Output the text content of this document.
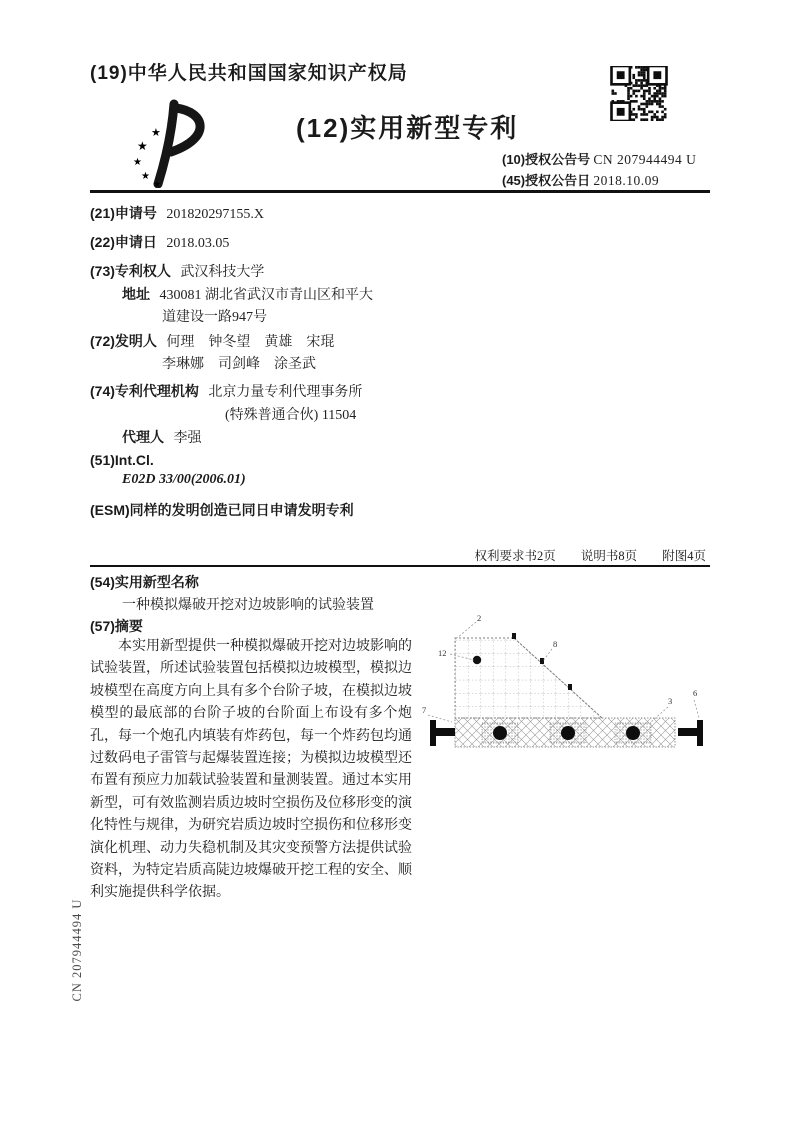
(19)中华人民共和国国家知识产权局
★
★
★
★
★
(12)实用新型专利
(10)授权公告号 CN 207944494 U
(45)授权公告日 2018.10.09
(21)申请号 201820297155.X
(22)申请日 2018.03.05
(73)专利权人 武汉科技大学
地址 430081 湖北省武汉市青山区和平大
道建设一路947号
(72)发明人 何理　钟冬望　黄雄　宋琨
李琳娜　司剑峰　涂圣武
(74)专利代理机构 北京力量专利代理事务所
(特殊普通合伙) 11504
代理人 李强
(51)Int.Cl.
E02D 33/00(2006.01)
(ESM)同样的发明创造已同日申请发明专利
权利要求书2页 说明书8页 附图4页
(54)实用新型名称
一种模拟爆破开挖对边坡影响的试验装置
(57)摘要
本实用新型提供一种模拟爆破开挖对边坡影响的试验装置，所述试验装置包括模拟边坡模型，模拟边坡模型在高度方向上具有多个台阶子坡，在模拟边坡模型的最底部的台阶子坡的台阶面上布设有多个炮孔，每一个炮孔内填装有炸药包，每一个炸药包均通过数码电子雷管与起爆装置连接；为模拟边坡模型还布置有预应力加载试验装置和量测装置。通过本实用新型，可有效监测岩质边坡时空损伤及位移形变的演化特性与规律，为研究岩质边坡时空损伤和位移形变演化机理、动力失稳机制及其灾变预警方法提供试验资料，为特定岩质高陡边坡爆破开挖工程的安全、顺利实施提供科学依据。
2
12
8
7
3
6
CN 207944494 U
